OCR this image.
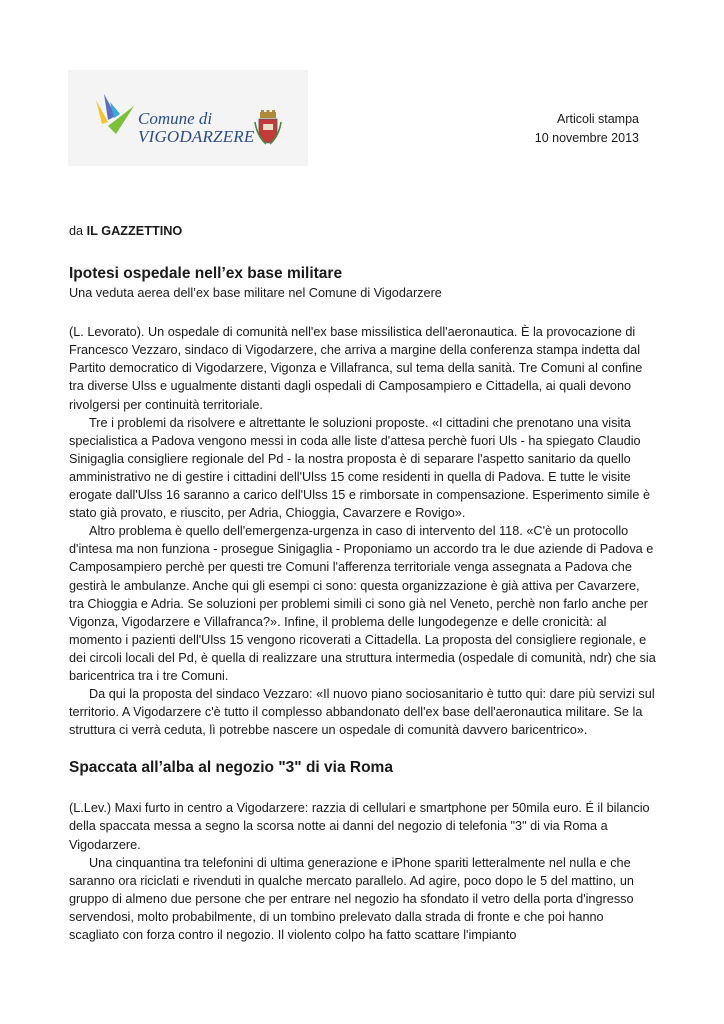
Comune di
VIGODARZERE
Articoli stampa
10 novembre 2013

da IL GAZZETTINO

Ipotesi ospedale nell’ex base militare

Una veduta aerea dell’ex base militare nel Comune di Vigodarzere

(L. Levorato). Un ospedale di comunità nell'ex base missilistica dell'aeronautica. È la provocazione di Francesco Vezzaro, sindaco di Vigodarzere, che arriva a margine della conferenza stampa indetta dal Partito democratico di Vigodarzere, Vigonza e Villafranca, sul tema della sanità. Tre Comuni al confine tra diverse Ulss e ugualmente distanti dagli ospedali di Camposampiero e Cittadella, ai quali devono rivolgersi per continuità territoriale.

Tre i problemi da risolvere e altrettante le soluzioni proposte. «I cittadini che prenotano una visita specialistica a Padova vengono messi in coda alle liste d'attesa perchè fuori Uls - ha spiegato Claudio Sinigaglia consigliere regionale del Pd - la nostra proposta è di separare l'aspetto sanitario da quello amministrativo ne di gestire i cittadini dell'Ulss 15 come residenti in quella di Padova. E tutte le visite erogate dall'Ulss 16 saranno a carico dell'Ulss 15 e rimborsate in compensazione. Esperimento simile è stato già provato, e riuscito, per Adria, Chioggia, Cavarzere e Rovigo».

Altro problema è quello dell'emergenza-urgenza in caso di intervento del 118. «C'è un protocollo d'intesa ma non funziona - prosegue Sinigaglia - Proponiamo un accordo tra le due aziende di Padova e Camposampiero perchè per questi tre Comuni l'afferenza territoriale venga assegnata a Padova che gestirà le ambulanze. Anche qui gli esempi ci sono: questa organizzazione è già attiva per Cavarzere, tra Chioggia e Adria. Se soluzioni per problemi simili ci sono già nel Veneto, perchè non farlo anche per Vigonza, Vigodarzere e Villafranca?». Infine, il problema delle lungodegenze e delle cronicità: al momento i pazienti dell'Ulss 15 vengono ricoverati a Cittadella. La proposta del consigliere regionale, e dei circoli locali del Pd, è quella di realizzare una struttura intermedia (ospedale di comunità, ndr) che sia baricentrica tra i tre Comuni.

Da qui la proposta del sindaco Vezzaro: «Il nuovo piano sociosanitario è tutto qui: dare più servizi sul territorio. A Vigodarzere c'è tutto il complesso abbandonato dell'ex base dell'aeronautica militare. Se la struttura ci verrà ceduta, lì potrebbe nascere un ospedale di comunità davvero baricentrico».

Spaccata all’alba al negozio "3" di via Roma

(L.Lev.) Maxi furto in centro a Vigodarzere: razzia di cellulari e smartphone per 50mila euro. É il bilancio della spaccata messa a segno la scorsa notte ai danni del negozio di telefonia "3" di via Roma a Vigodarzere.

Una cinquantina tra telefonini di ultima generazione e iPhone spariti letteralmente nel nulla e che saranno ora riciclati e rivenduti in qualche mercato parallelo. Ad agire, poco dopo le 5 del mattino, un gruppo di almeno due persone che per entrare nel negozio ha sfondato il vetro della porta d'ingresso servendosi, molto probabilmente, di un tombino prelevato dalla strada di fronte e che poi hanno scagliato con forza contro il negozio. Il violento colpo ha fatto scattare l'impianto
